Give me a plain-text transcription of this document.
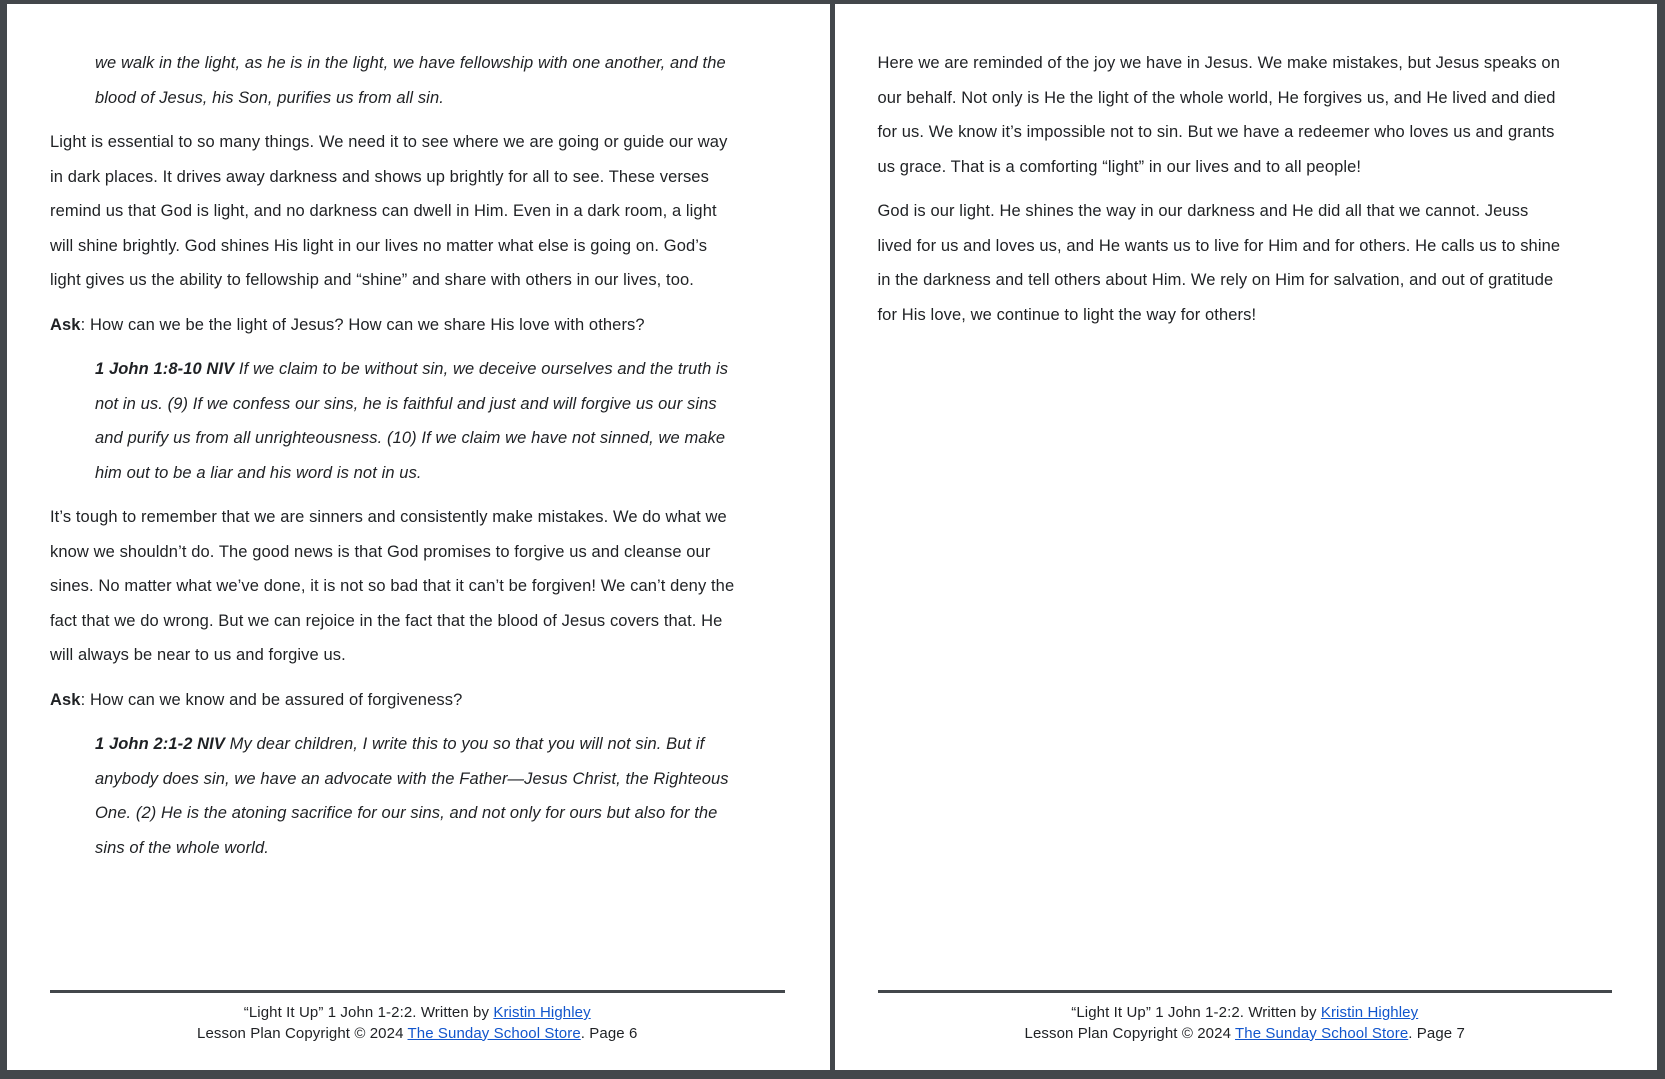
we walk in the light, as he is in the light, we have fellowship with one another, and the blood of Jesus, his Son, purifies us from all sin.

Light is essential to so many things. We need it to see where we are going or guide our way in dark places. It drives away darkness and shows up brightly for all to see. These verses remind us that God is light, and no darkness can dwell in Him. Even in a dark room, a light will shine brightly. God shines His light in our lives no matter what else is going on. God’s light gives us the ability to fellowship and “shine” and share with others in our lives, too.

Ask: How can we be the light of Jesus? How can we share His love with others?

1 John 1:8-10 NIV If we claim to be without sin, we deceive ourselves and the truth is not in us. (9) If we confess our sins, he is faithful and just and will forgive us our sins and purify us from all unrighteousness. (10) If we claim we have not sinned, we make him out to be a liar and his word is not in us.

It’s tough to remember that we are sinners and consistently make mistakes. We do what we know we shouldn’t do. The good news is that God promises to forgive us and cleanse our sines. No matter what we’ve done, it is not so bad that it can’t be forgiven! We can’t deny the fact that we do wrong. But we can rejoice in the fact that the blood of Jesus covers that. He will always be near to us and forgive us.

Ask: How can we know and be assured of forgiveness?

1 John 2:1-2 NIV My dear children, I write this to you so that you will not sin. But if anybody does sin, we have an advocate with the Father—Jesus Christ, the Righteous One. (2) He is the atoning sacrifice for our sins, and not only for ours but also for the sins of the whole world.

“Light It Up” 1 John 1-2:2. Written by Kristin Highley
Lesson Plan Copyright © 2024 The Sunday School Store. Page 6

Here we are reminded of the joy we have in Jesus. We make mistakes, but Jesus speaks on our behalf. Not only is He the light of the whole world, He forgives us, and He lived and died for us. We know it’s impossible not to sin. But we have a redeemer who loves us and grants us grace. That is a comforting “light” in our lives and to all people!

God is our light. He shines the way in our darkness and He did all that we cannot. Jeuss lived for us and loves us, and He wants us to live for Him and for others. He calls us to shine in the darkness and tell others about Him. We rely on Him for salvation, and out of gratitude for His love, we continue to light the way for others!

“Light It Up” 1 John 1-2:2. Written by Kristin Highley
Lesson Plan Copyright © 2024 The Sunday School Store. Page 7
